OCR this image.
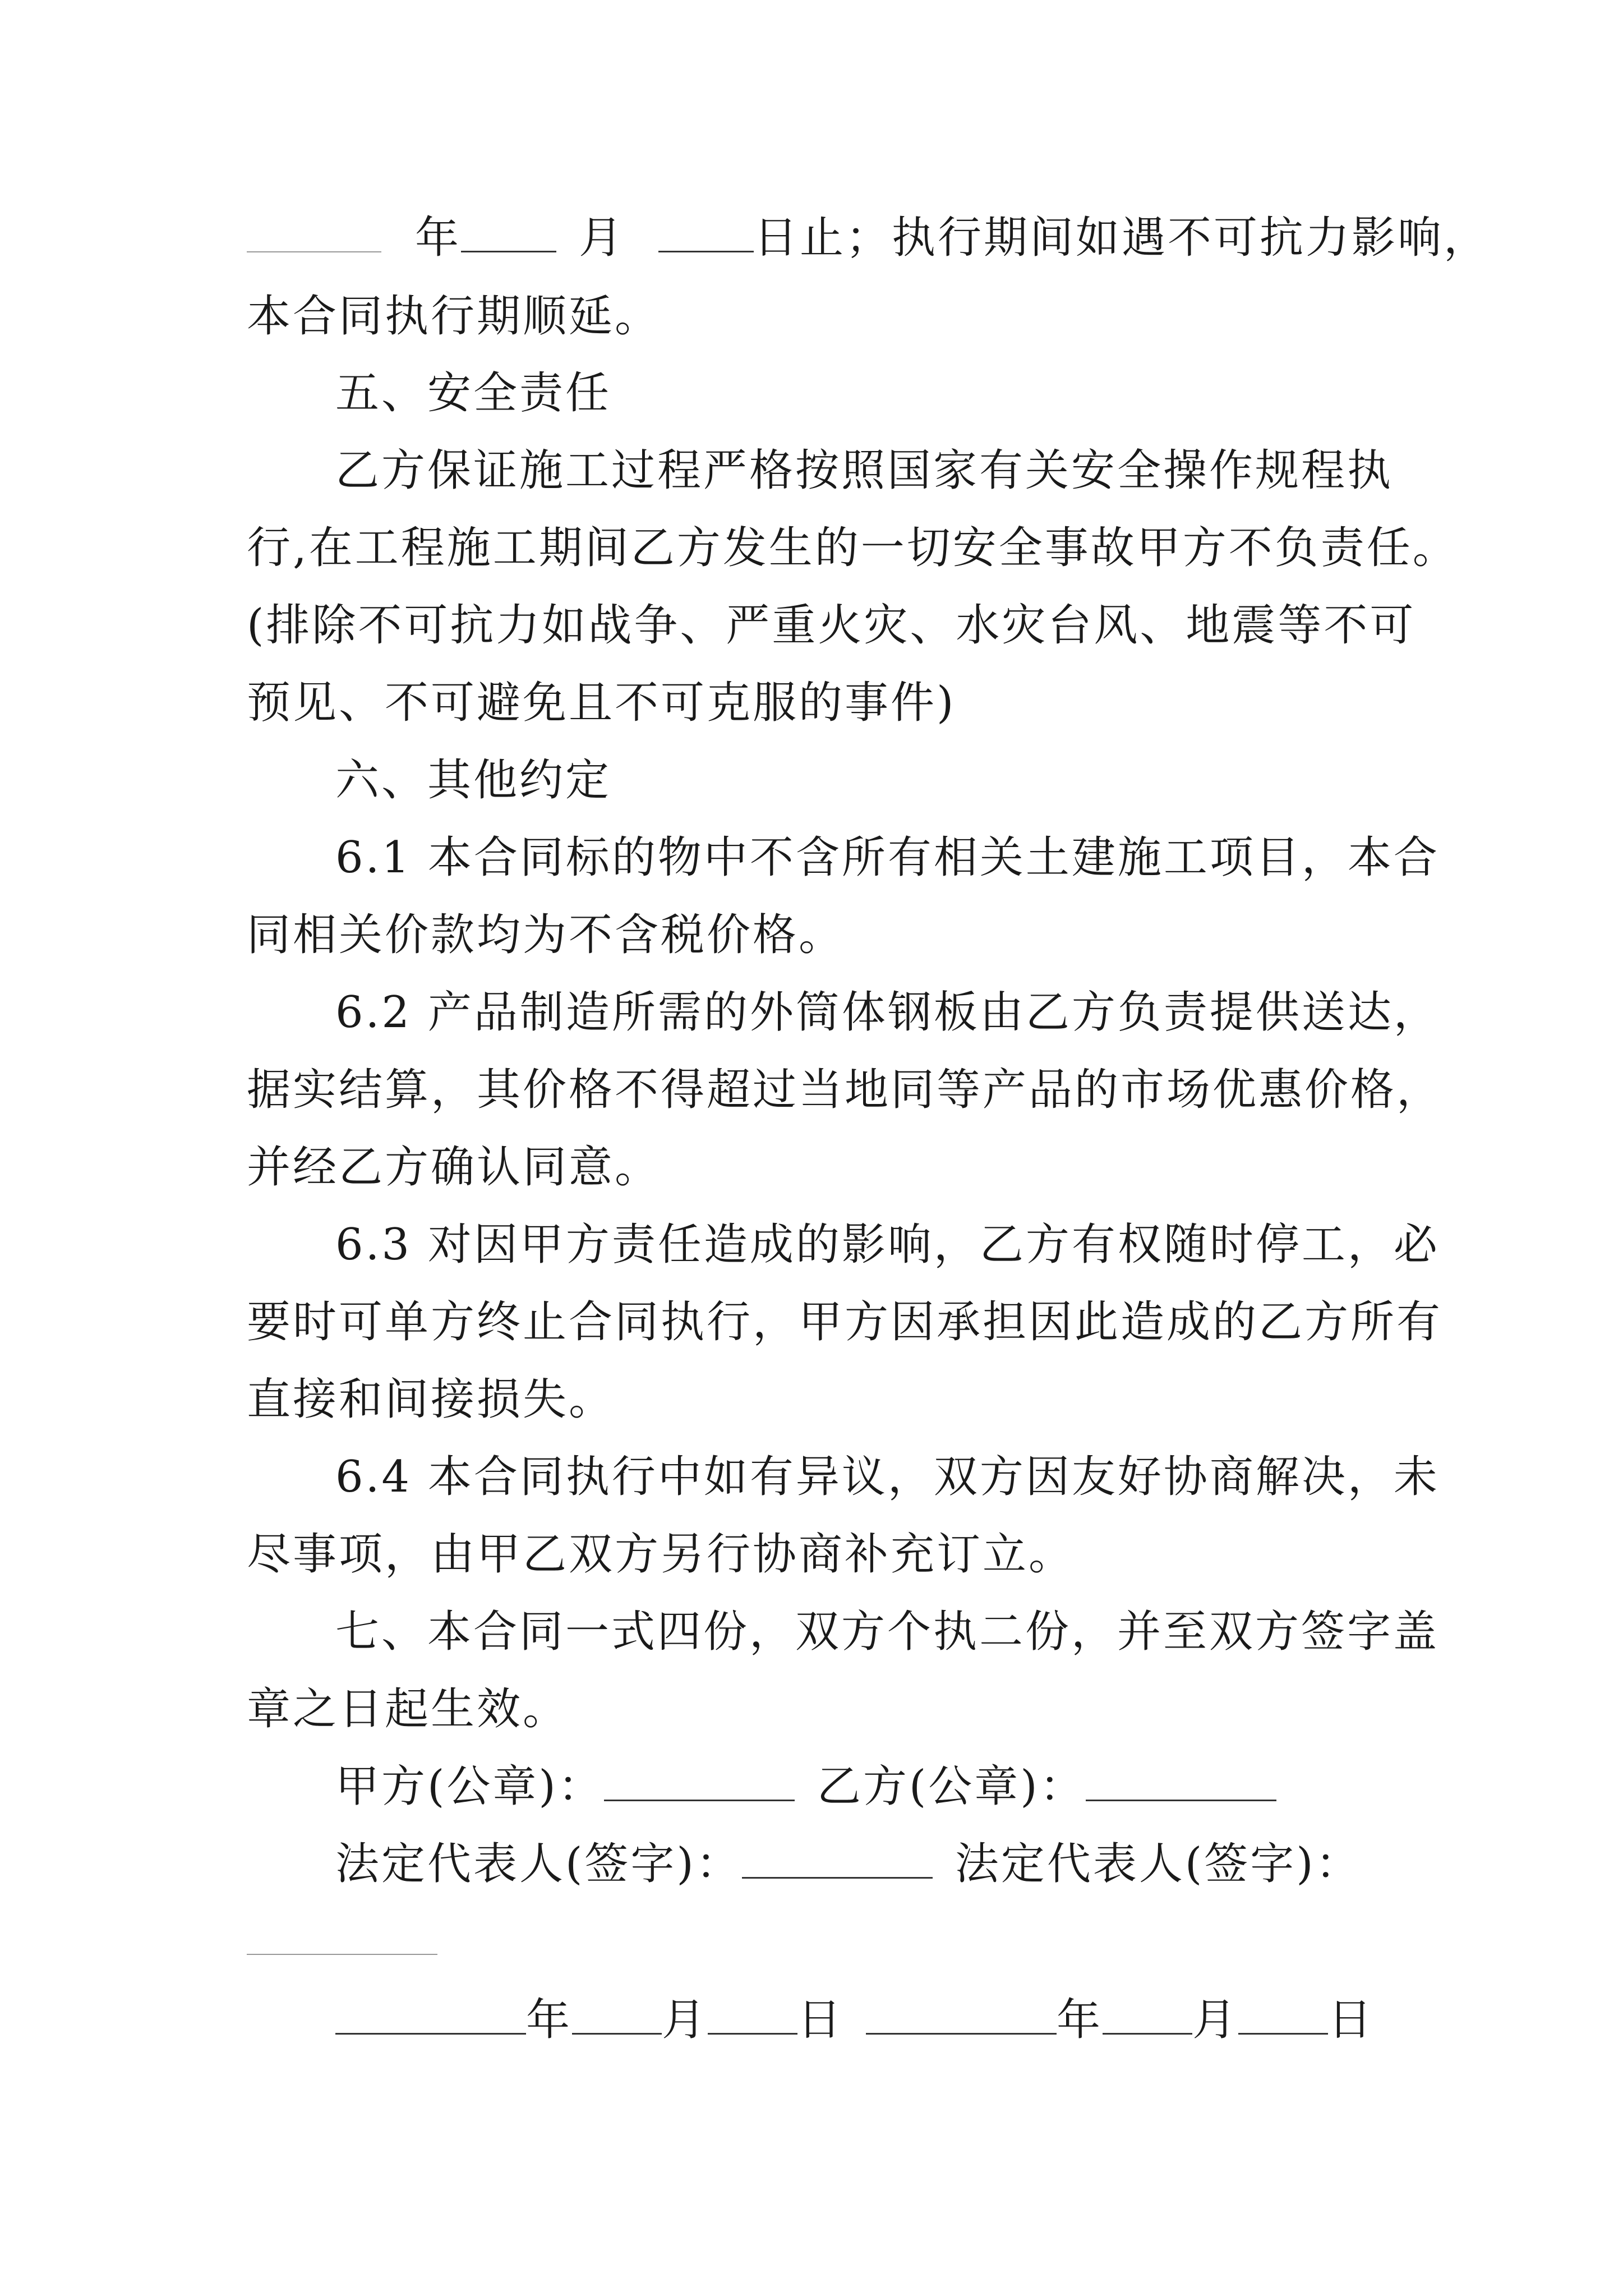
年	月	日止；执行期间如遇不可抗力影响，
本合同执行期顺延。
五、安全责任
乙方保证施工过程严格按照国家有关安全操作规程执
行,在工程施工期间乙方发生的一切安全事故甲方不负责任。
(排除不可抗力如战争、严重火灾、水灾台风、地震等不可
预见、不可避免且不可克服的事件)
六、其他约定
6.1 本合同标的物中不含所有相关土建施工项目，本合
同相关价款均为不含税价格。
6.2 产品制造所需的外筒体钢板由乙方负责提供送达，
据实结算，其价格不得超过当地同等产品的市场优惠价格，
并经乙方确认同意。
6.3 对因甲方责任造成的影响，乙方有权随时停工，必
要时可单方终止合同执行，甲方因承担因此造成的乙方所有
直接和间接损失。
6.4 本合同执行中如有异议，双方因友好协商解决，未
尽事项，由甲乙双方另行协商补充订立。
七、本合同一式四份，双方个执二份，并至双方签字盖
章之日起生效。
甲方(公章)：	乙方(公章)：
法定代表人(签字)：	法定代表人(签字)：
年 月 日	年 月 日
